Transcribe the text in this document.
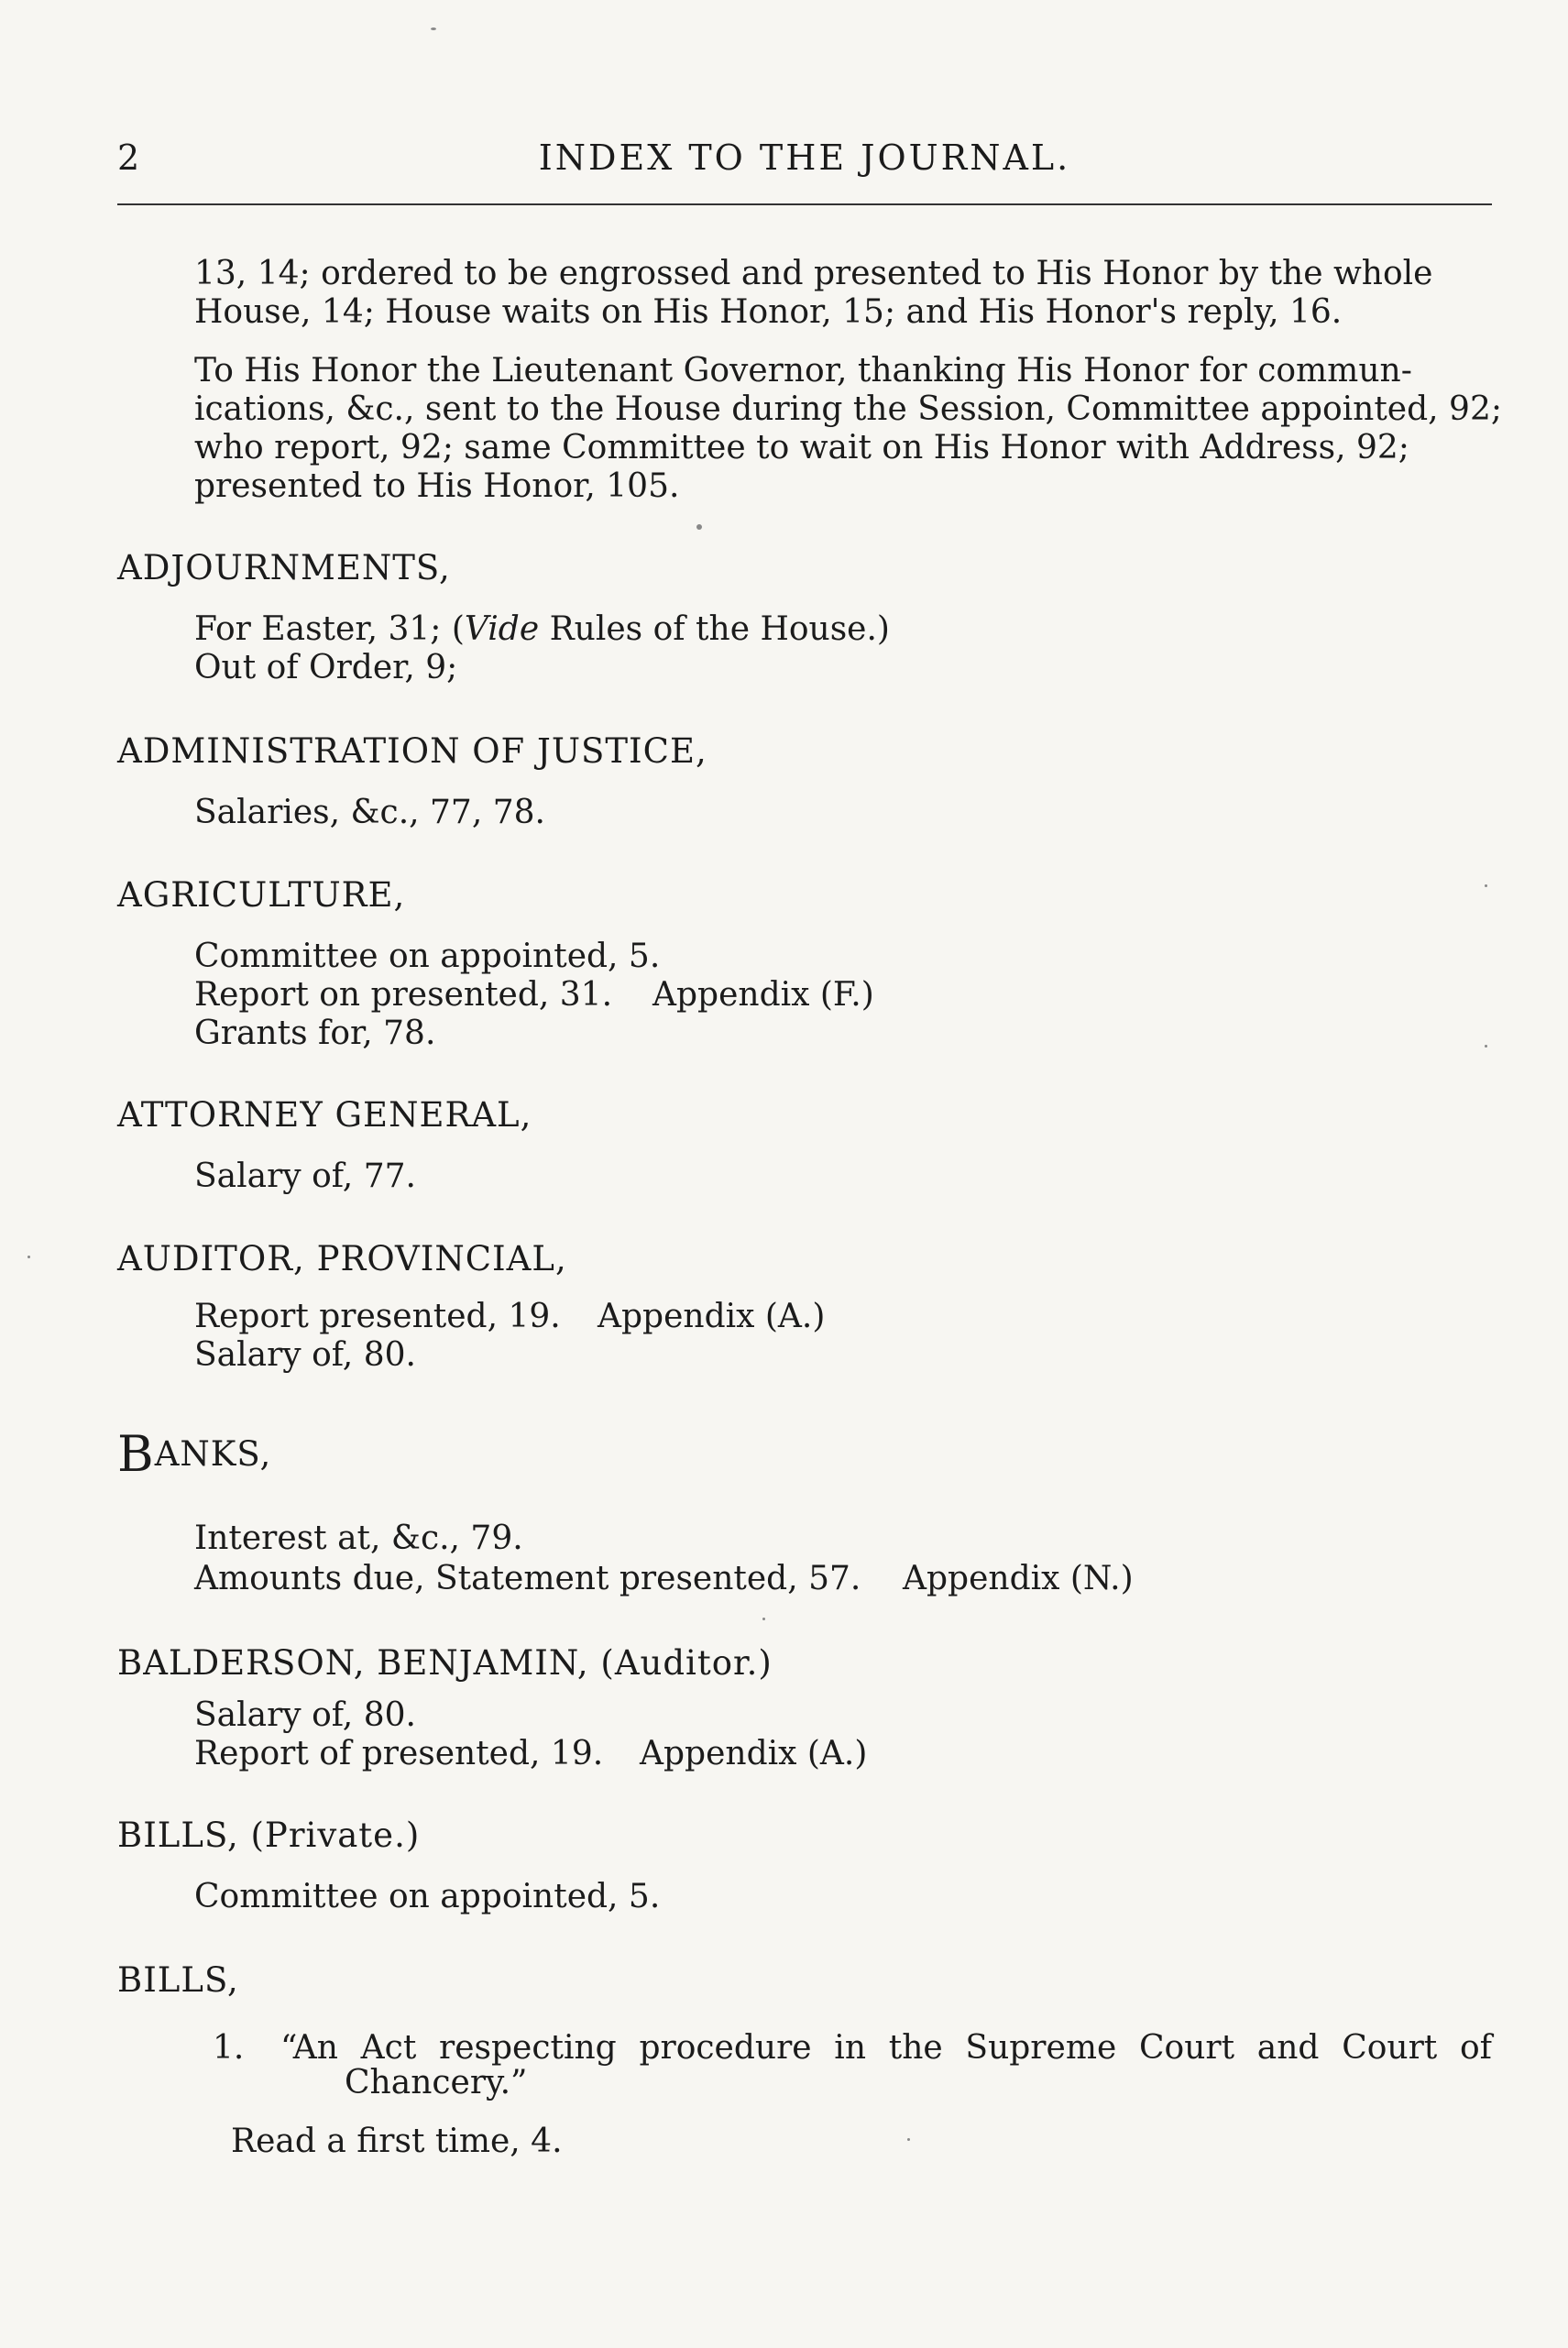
2	INDEX TO THE JOURNAL.
13, 14; ordered to be engrossed and presented to His Honor by the whole
House, 14; House waits on His Honor, 15; and His Honor's reply, 16.
To His Honor the Lieutenant Governor, thanking His Honor for commun-
ications, &c., sent to the House during the Session, Committee appointed, 92;
who report, 92; same Committee to wait on His Honor with Address, 92;
presented to His Honor, 105.
ADJOURNMENTS,
For Easter, 31; (Vide Rules of the House.)
Out of Order, 9;
ADMINISTRATION OF JUSTICE,
Salaries, &c., 77, 78.
AGRICULTURE,
Committee on appointed, 5.
Report on presented, 31. Appendix (F.)
Grants for, 78.
ATTORNEY GENERAL,
Salary of, 77.
AUDITOR, PROVINCIAL,
Report presented, 19. Appendix (A.)
Salary of, 80.
BANKS,
Interest at, &c., 79.
Amounts due, Statement presented, 57. Appendix (N.)
BALDERSON, BENJAMIN, (Auditor.)
Salary of, 80.
Report of presented, 19. Appendix (A.)
BILLS, (Private.)
Committee on appointed, 5.
BILLS,
1. “An Act respecting procedure in the Supreme Court and Court of
Chancery.”
Read a first time, 4.
